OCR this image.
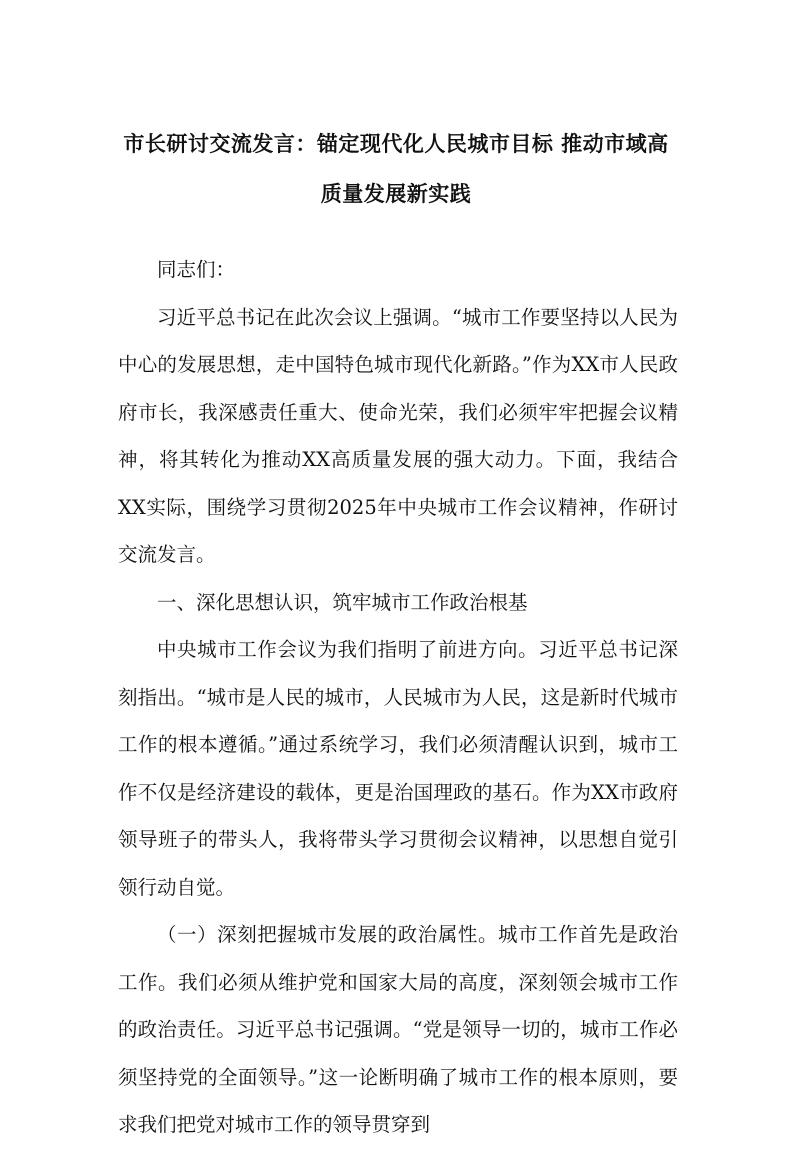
市长研讨交流发言：锚定现代化人民城市目标 推动市域高
质量发展新实践

同志们：

习近平总书记在此次会议上强调。“城市工作要坚持以人民为中心的发展思想，走中国特色城市现代化新路。”作为XX市人民政府市长，我深感责任重大、使命光荣，我们必须牢牢把握会议精神，将其转化为推动XX高质量发展的强大动力。下面，我结合XX实际，围绕学习贯彻2025年中央城市工作会议精神，作研讨交流发言。

一、深化思想认识，筑牢城市工作政治根基

中央城市工作会议为我们指明了前进方向。习近平总书记深刻指出。“城市是人民的城市，人民城市为人民，这是新时代城市工作的根本遵循。”通过系统学习，我们必须清醒认识到，城市工作不仅是经济建设的载体，更是治国理政的基石。作为XX市政府领导班子的带头人，我将带头学习贯彻会议精神，以思想自觉引领行动自觉。

（一）深刻把握城市发展的政治属性。城市工作首先是政治工作。我们必须从维护党和国家大局的高度，深刻领会城市工作的政治责任。习近平总书记强调。“党是领导一切的，城市工作必须坚持党的全面领导。”这一论断明确了城市工作的根本原则，要求我们把党对城市工作的领导贯穿到
